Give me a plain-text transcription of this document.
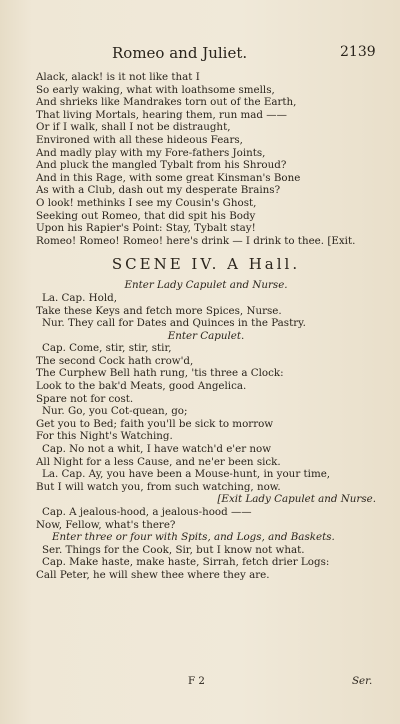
Romeo and Juliet.	2139
Alack, alack! is it not like that I
So early waking, what with loathsome smells,
And shrieks like Mandrakes torn out of the Earth,
That living Mortals, hearing them, run mad ——
Or if I walk, shall I not be distraught,
Environed with all these hideous Fears,
And madly play with my Fore-fathers Joints,
And pluck the mangled Tybalt from his Shroud?
And in this Rage, with some great Kinsman's Bone
As with a Club, dash out my desperate Brains?
O look! methinks I see my Cousin's Ghost,
Seeking out Romeo, that did spit his Body
Upon his Rapier's Point: Stay, Tybalt stay!
Romeo! Romeo! Romeo! here's drink — I drink to thee. [Exit.
SCENE IV. A Hall.
Enter Lady Capulet and Nurse.
La. Cap. Hold,
Take these Keys and fetch more Spices, Nurse.
Nur. They call for Dates and Quinces in the Pastry.
Enter Capulet.
Cap. Come, stir, stir, stir,
The second Cock hath crow'd,
The Curphew Bell hath rung, 'tis three a Clock:
Look to the bak'd Meats, good Angelica.
Spare not for cost.
Nur. Go, you Cot-quean, go;
Get you to Bed; faith you'll be sick to morrow
For this Night's Watching.
Cap. No not a whit, I have watch'd e'er now
All Night for a less Cause, and ne'er been sick.
La. Cap. Ay, you have been a Mouse-hunt, in your time,
But I will watch you, from such watching, now.
[Exit Lady Capulet and Nurse.
Cap. A jealous-hood, a jealous-hood ——
Now, Fellow, what's there?
Enter three or four with Spits, and Logs, and Baskets.
Ser. Things for the Cook, Sir, but I know not what.
Cap. Make haste, make haste, Sirrah, fetch drier Logs:
Call Peter, he will shew thee where they are.
F 2	Ser.
